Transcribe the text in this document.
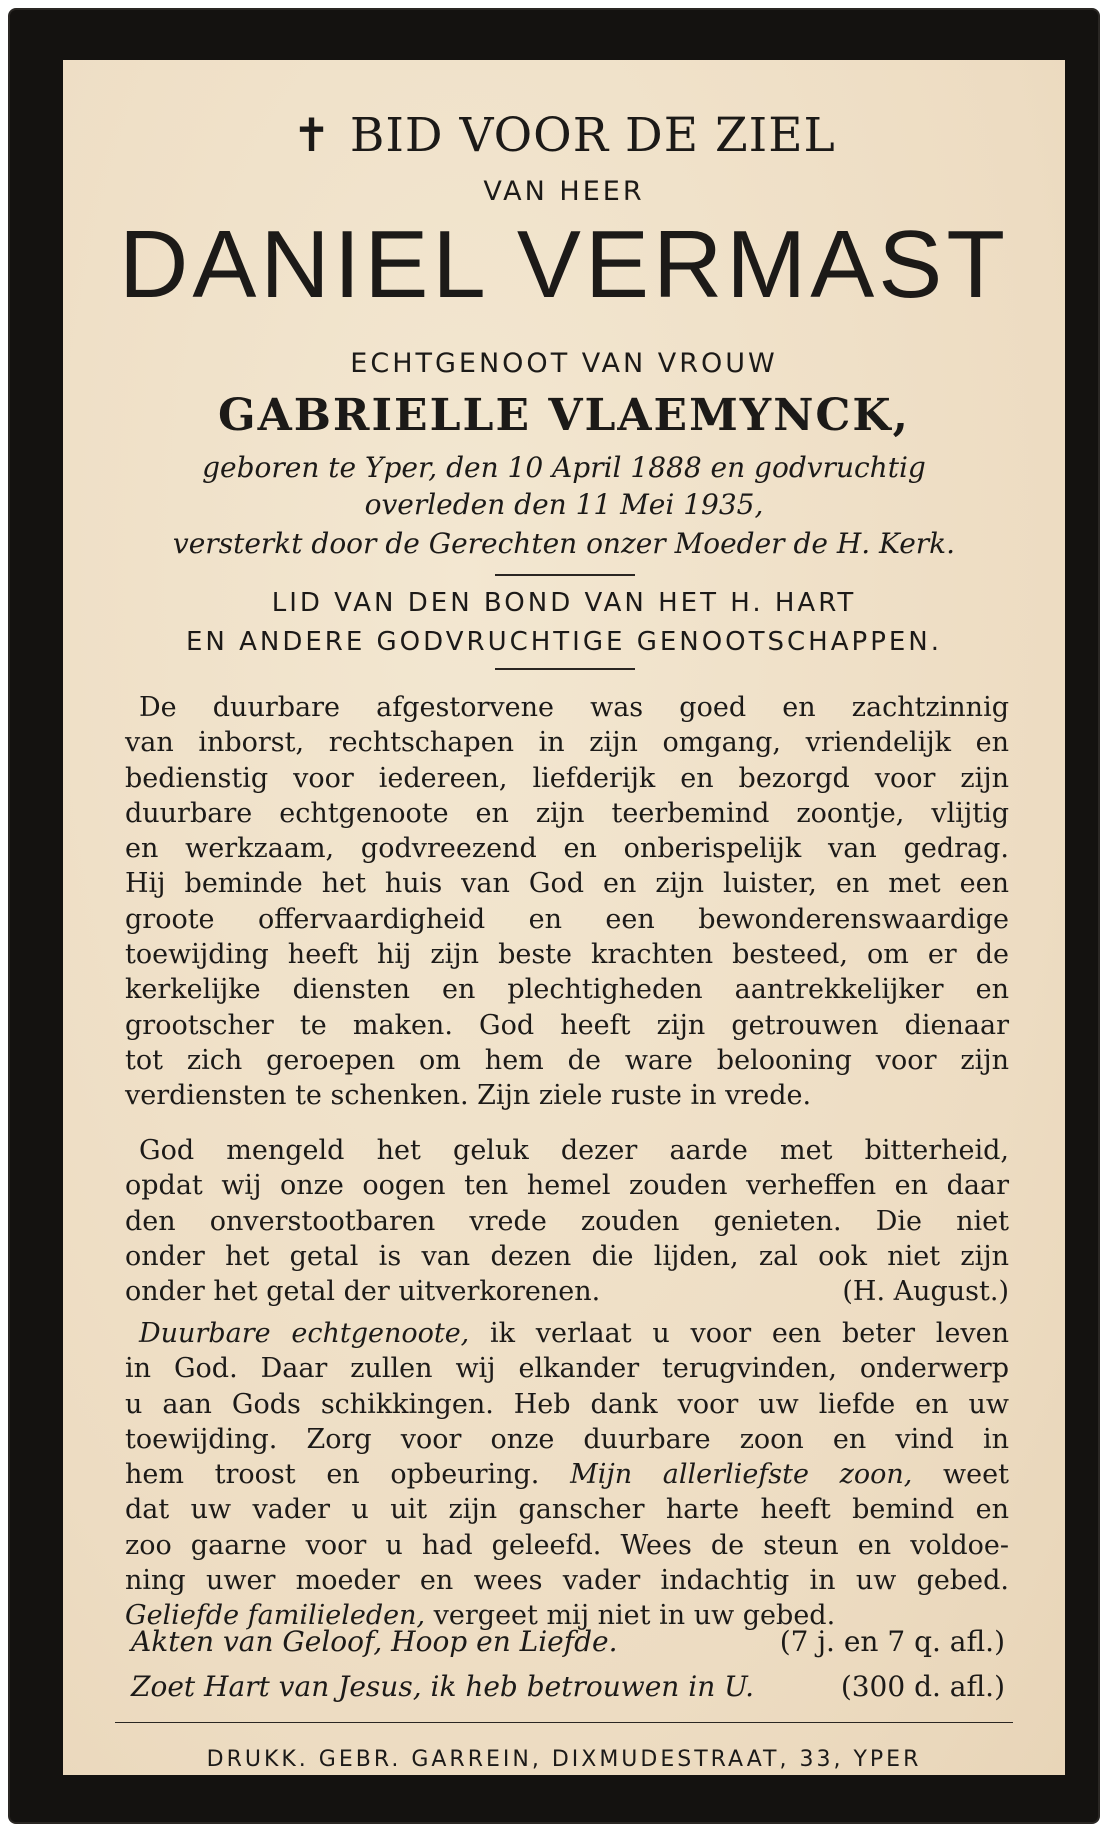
✝ BID VOOR DE ZIEL
VAN HEER
DANIEL VERMAST
ECHTGENOOT VAN VROUW
GABRIELLE VLAEMYNCK,
geboren te Yper, den 10 April 1888 en godvruchtig
overleden den 11 Mei 1935,
versterkt door de Gerechten onzer Moeder de H. Kerk.
LID VAN DEN BOND VAN HET H. HART
EN ANDERE GODVRUCHTIGE GENOOTSCHAPPEN.
De duurbare afgestorvene was goed en zachtzinnig
van inborst, rechtschapen in zijn omgang, vriendelijk en
bedienstig voor iedereen, liefderijk en bezorgd voor zijn
duurbare echtgenoote en zijn teerbemind zoontje, vlijtig
en werkzaam, godvreezend en onberispelijk van gedrag.
Hij beminde het huis van God en zijn luister, en met een
groote offervaardigheid en een bewonderenswaardige
toewijding heeft hij zijn beste krachten besteed, om er de
kerkelijke diensten en plechtigheden aantrekkelijker en
grootscher te maken. God heeft zijn getrouwen dienaar
tot zich geroepen om hem de ware belooning voor zijn
verdiensten te schenken. Zijn ziele ruste in vrede.
God mengeld het geluk dezer aarde met bitterheid,
opdat wij onze oogen ten hemel zouden verheffen en daar
den onverstootbaren vrede zouden genieten. Die niet
onder het getal is van dezen die lijden, zal ook niet zijn
onder het getal der uitverkorenen.	(H. August.)
Duurbare echtgenoote, ik verlaat u voor een beter leven
in God. Daar zullen wij elkander terugvinden, onderwerp
u aan Gods schikkingen. Heb dank voor uw liefde en uw
toewijding. Zorg voor onze duurbare zoon en vind in
hem troost en opbeuring. Mijn allerliefste zoon, weet
dat uw vader u uit zijn ganscher harte heeft bemind en
zoo gaarne voor u had geleefd. Wees de steun en voldoe-
ning uwer moeder en wees vader indachtig in uw gebed.
Geliefde familieleden, vergeet mij niet in uw gebed.
Akten van Geloof, Hoop en Liefde.	(7 j. en 7 q. afl.)
Zoet Hart van Jesus, ik heb betrouwen in U.	(300 d. afl.)
DRUKK. GEBR. GARREIN, DIXMUDESTRAAT, 33, YPER
